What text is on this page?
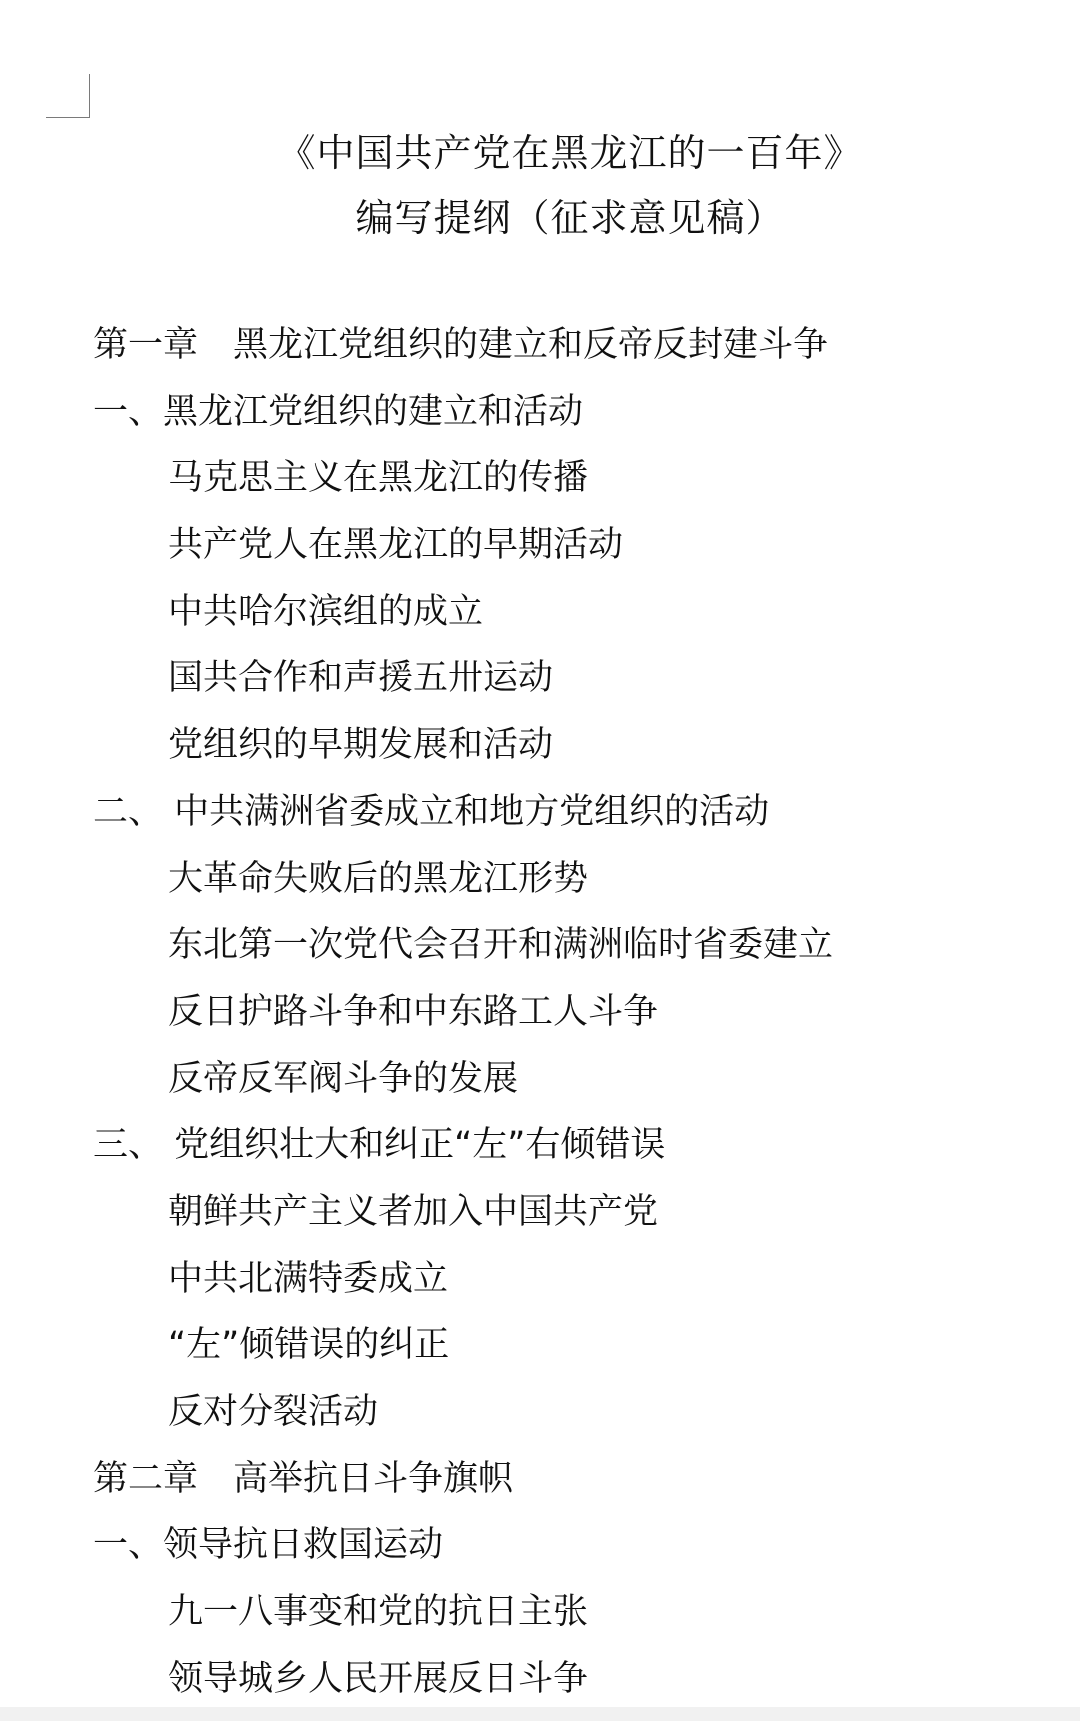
《中国共产党在黑龙江的一百年》
编写提纲（征求意见稿）
第一章　黑龙江党组织的建立和反帝反封建斗争
一、黑龙江党组织的建立和活动
马克思主义在黑龙江的传播
共产党人在黑龙江的早期活动
中共哈尔滨组的成立
国共合作和声援五卅运动
党组织的早期发展和活动
二、 中共满洲省委成立和地方党组织的活动
大革命失败后的黑龙江形势
东北第一次党代会召开和满洲临时省委建立
反日护路斗争和中东路工人斗争
反帝反军阀斗争的发展
三、 党组织壮大和纠正“左”右倾错误
朝鲜共产主义者加入中国共产党
中共北满特委成立
“左”倾错误的纠正
反对分裂活动
第二章　高举抗日斗争旗帜
一、领导抗日救国运动
九一八事变和党的抗日主张
领导城乡人民开展反日斗争
